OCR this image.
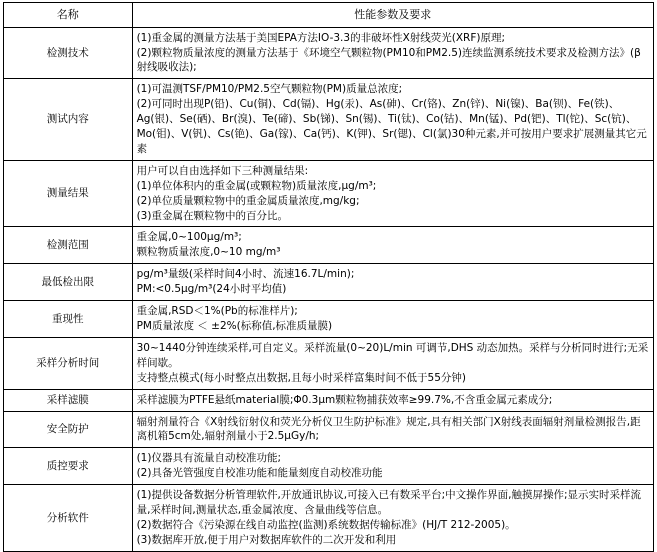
名称	性能参数及要求
检测技术	(1)重金属的测量方法基于美国EPA方法IO-3.3的非破坏性X射线荧光(XRF)原理;
(2)颗粒物质量浓度的测量方法基于《环境空气颗粒物(PM10和PM2.5)连续监测系统技术要求及检测方法》(β射线吸收法);

测试内容	(1)可温测TSF/PM10/PM2.5空气颗粒物(PM)质量总浓度;
(2)可同时出现P(铅)、Cu(铜)、Cd(镉)、Hg(汞)、As(砷)、Cr(铬)、Zn(锌)、Ni(镍)、Ba(钡)、Fe(铁)、Ag(银)、Se(硒)、Br(溴)、Te(碲)、Sb(锑)、Sn(锡)、Ti(钛)、Co(钴)、Mn(锰)、Pd(钯)、Tl(铊)、Sc(钪)、Mo(钼)、V(钒)、Cs(铯)、Ga(镓)、Ca(钙)、K(钾)、Sr(锶)、Cl(氯)30种元素,并可按用户要求扩展测量其它元素

测量结果	用户可以自由选择如下三种测量结果:
(1)单位体积内的重金属(或颗粒物)质量浓度,μg/m³;
(2)单位质量颗粒物中的重金属质量浓度,mg/kg;
(3)重金属在颗粒物中的百分比。

检测范围	重金属,0~100μg/m³;
颗粒物质量浓度,0~10 mg/m³

最低检出限	pg/m³量级(采样时间4小时、流速16.7L/min);
PM:<0.5μg/m³(24小时平均值)

重现性	重金属,RSD＜1%(Pb的标准样片);
PM质量浓度 ＜ ±2%(标称值,标准质量膜)

采样分析时间	30~1440分钟连续采样,可自定义。采样流量(0~20)L/min 可调节,DHS 动态加热。采样与分析同时进行;无采样间歇。
支持整点模式(每小时整点出数据,且每小时采样富集时间不低于55分钟)

采样滤膜	采样滤膜为PTFE悬纸material膜;Φ0.3μm颗粒物捕获效率≥99.7%,不含重金属元素成分;

安全防护	辐射剂量符合《X射线衍射仪和荧光分析仪卫生防护标准》规定,具有相关部门X射线表面辐射剂量检测报告,距离机箱5cm处,辐射剂量小于2.5μGy/h;

质控要求	(1)仪器具有流量自动校准功能;
(2)具备光管强度自校准功能和能量刻度自动校准功能

分析软件	(1)提供设备数据分析管理软件,开放通讯协议,可接入已有数采平台;中文操作界面,触摸屏操作;显示实时采样流量,采样时间,测量状态,重金属浓度、含量曲线等信息。
(2)数据符合《污染源在线自动监控(监测)系统数据传输标准》(HJ/T 212-2005)。
(3)数据库开放,便于用户对数据库软件的二次开发和利用
